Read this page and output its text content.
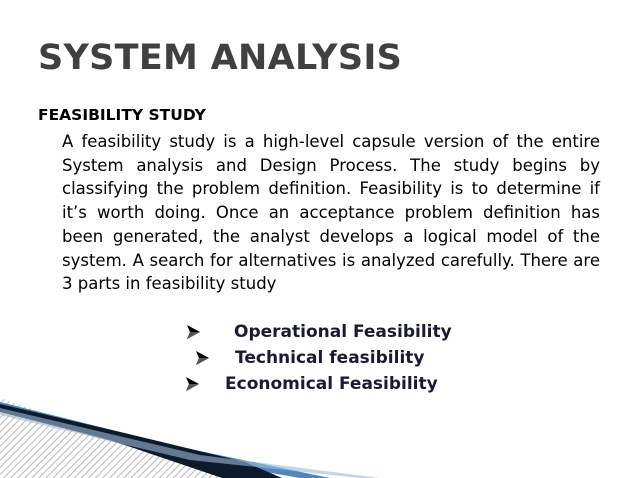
SYSTEM ANALYSIS
FEASIBILITY STUDY

A feasibility study is a high-level capsule version of the entire System analysis and Design Process. The study begins by classifying the problem definition. Feasibility is to determine if it’s worth doing. Once an acceptance problem definition has been generated, the analyst develops a logical model of the system. A search for alternatives is analyzed carefully. There are 3 parts in feasibility study

Operational Feasibility
Technical feasibility
Economical Feasibility
